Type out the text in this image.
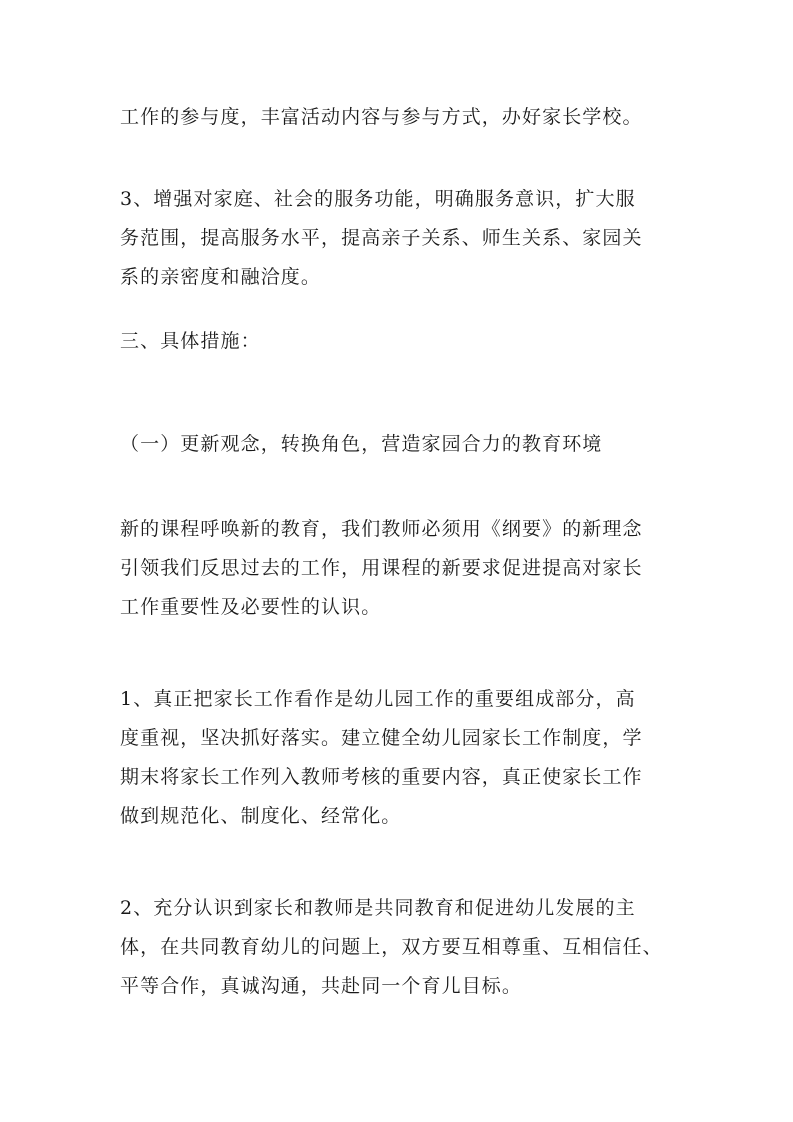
工作的参与度，丰富活动内容与参与方式，办好家长学校。

3、增强对家庭、社会的服务功能，明确服务意识，扩大服
务范围，提高服务水平，提高亲子关系、师生关系、家园关
系的亲密度和融洽度。

三、具体措施：

（一）更新观念，转换角色，营造家园合力的教育环境

新的课程呼唤新的教育，我们教师必须用《纲要》的新理念
引领我们反思过去的工作，用课程的新要求促进提高对家长
工作重要性及必要性的认识。

1、真正把家长工作看作是幼儿园工作的重要组成部分，高
度重视，坚决抓好落实。建立健全幼儿园家长工作制度，学
期末将家长工作列入教师考核的重要内容，真正使家长工作
做到规范化、制度化、经常化。

2、充分认识到家长和教师是共同教育和促进幼儿发展的主
体，在共同教育幼儿的问题上，双方要互相尊重、互相信任、
平等合作，真诚沟通，共赴同一个育儿目标。
